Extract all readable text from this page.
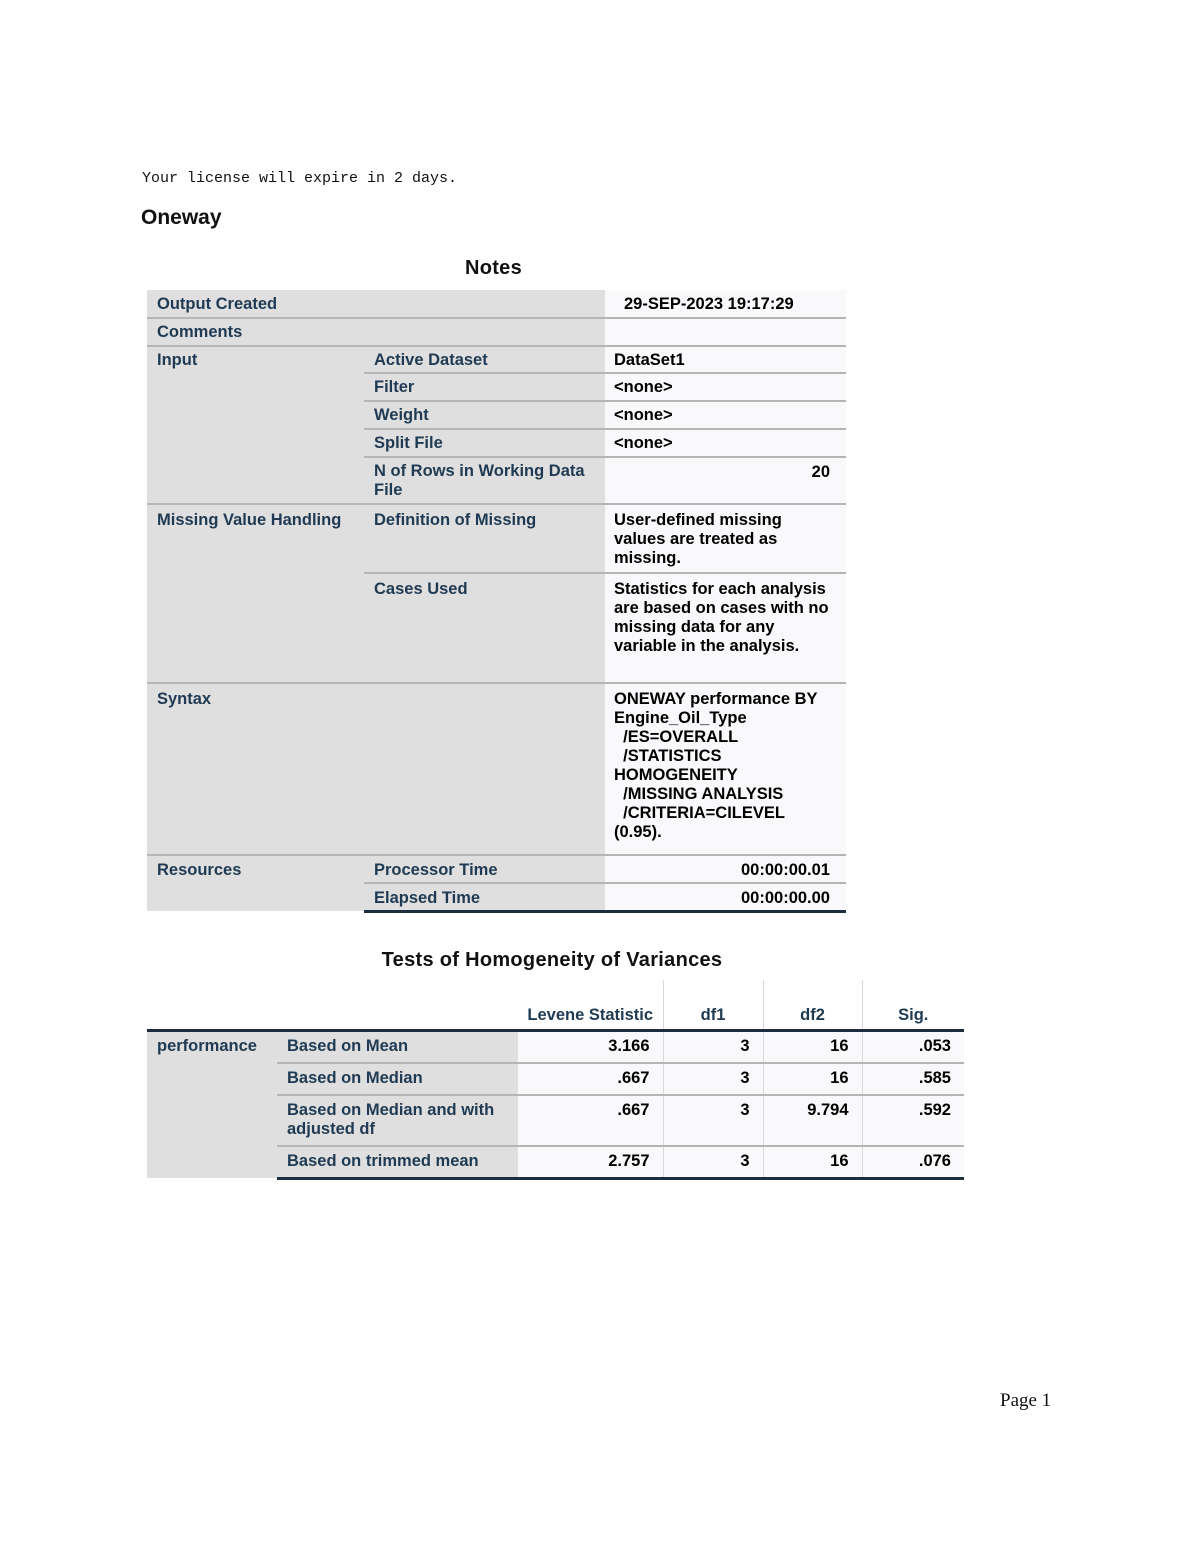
Your license will expire in 2 days.
Oneway
Notes
Output Created		29-SEP-2023 19:17:29
Comments		
Input	Active Dataset	DataSet1
	Filter	<none>
	Weight	<none>
	Split File	<none>
	N of Rows in Working Data File	20
Missing Value Handling	Definition of Missing	User-defined missing values are treated as missing.
	Cases Used	Statistics for each analysis are based on cases with no missing data for any variable in the analysis.
Syntax		ONEWAY performance BY Engine_Oil_Type
/ES=OVERALL
/STATISTICS HOMOGENEITY
/MISSING ANALYSIS
/CRITERIA=CILEVEL (0.95).

Resources	Processor Time	00:00:00.01
	Elapsed Time	00:00:00.00
Tests of Homogeneity of Variances
		Levene Statistic	df1	df2	Sig.
performance	Based on Mean	3.166	3	16	.053
	Based on Median	.667	3	16	.585
	Based on Median and with adjusted df	.667	3	9.794	.592
	Based on trimmed mean	2.757	3	16	.076
Page 1
